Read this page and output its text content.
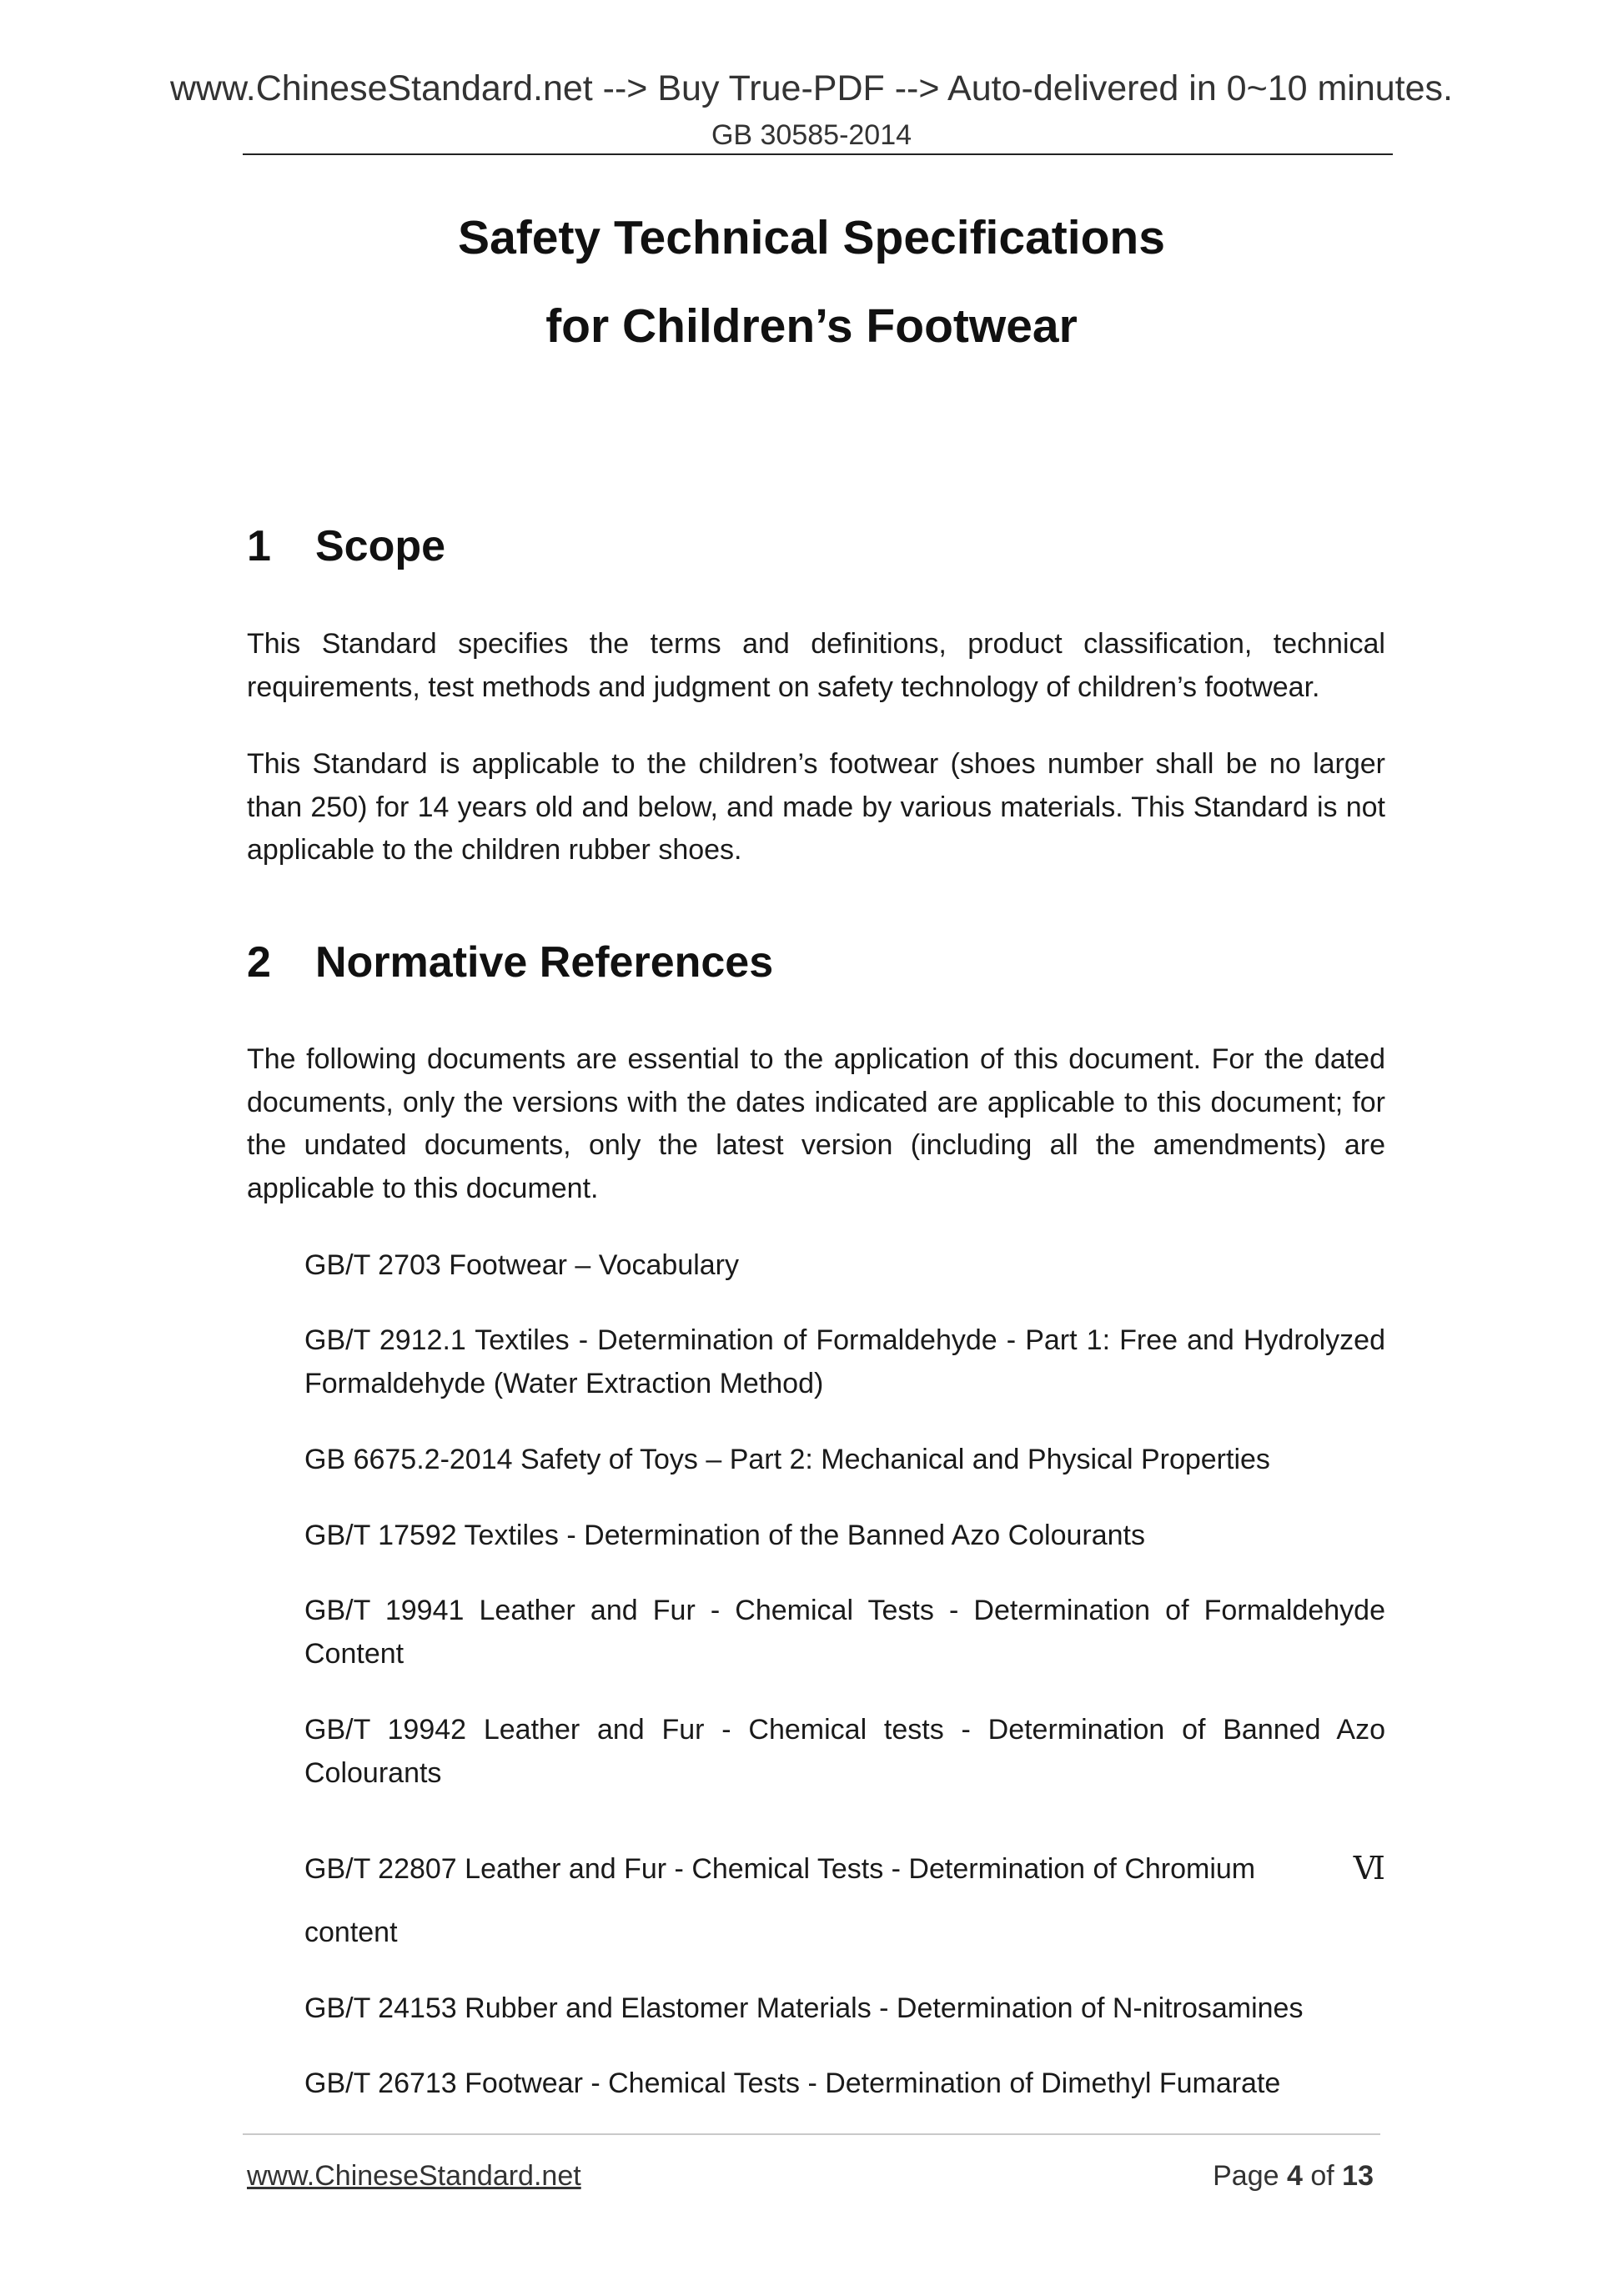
www.ChineseStandard.net --> Buy True-PDF --> Auto-delivered in 0~10 minutes.
GB 30585-2014
Safety Technical Specifications
for Children’s Footwear
1 Scope
This Standard specifies the terms and definitions, product classification, technical requirements, test methods and judgment on safety technology of children’s footwear.
This Standard is applicable to the children’s footwear (shoes number shall be no larger than 250) for 14 years old and below, and made by various materials. This Standard is not applicable to the children rubber shoes.
2 Normative References
The following documents are essential to the application of this document. For the dated documents, only the versions with the dates indicated are applicable to this document; for the undated documents, only the latest version (including all the amendments) are applicable to this document.
GB/T 2703 Footwear – Vocabulary
GB/T 2912.1 Textiles - Determination of Formaldehyde - Part 1: Free and Hydrolyzed Formaldehyde (Water Extraction Method)
GB 6675.2-2014 Safety of Toys – Part 2: Mechanical and Physical Properties
GB/T 17592 Textiles - Determination of the Banned Azo Colourants
GB/T 19941 Leather and Fur - Chemical Tests - Determination of Formaldehyde Content
GB/T 19942 Leather and Fur - Chemical tests - Determination of Banned Azo Colourants
Ⅵ
GB/T 22807 Leather and Fur - Chemical Tests - Determination of Chromium
content
GB/T 24153 Rubber and Elastomer Materials - Determination of N-nitrosamines
GB/T 26713 Footwear - Chemical Tests - Determination of Dimethyl Fumarate
www.ChineseStandard.net	Page 4 of 13
